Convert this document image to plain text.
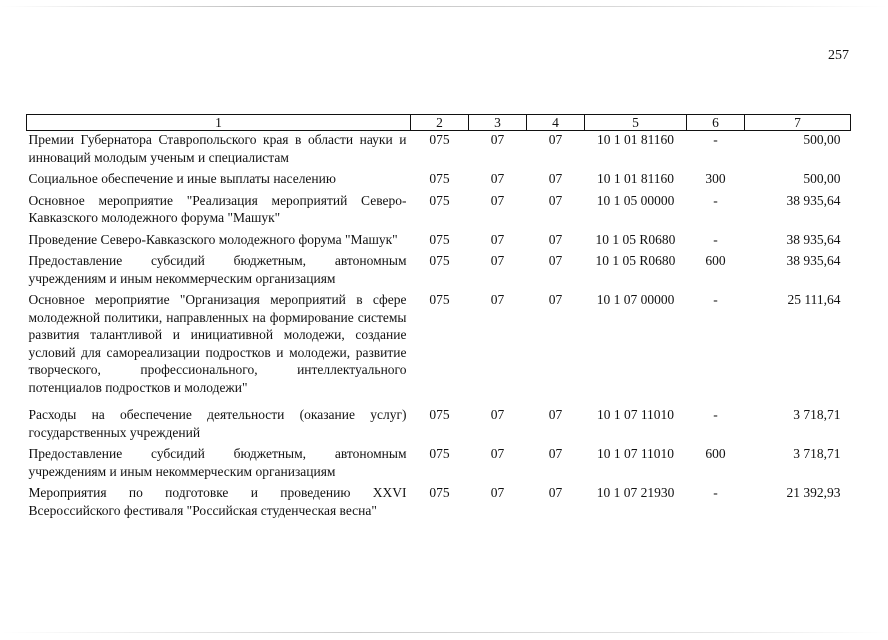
257
1	2	3	4	5	6	7
Премии Губернатора Ставропольского края в области науки и инноваций молодым ученым и специалистам	075	07	07	10 1 01 81160	-	500,00
Социальное обеспечение и иные выплаты населению	075	07	07	10 1 01 81160	300	500,00
Основное мероприятие "Реализация мероприятий Северо-Кавказского молодежного форума "Машук"	075	07	07	10 1 05 00000	-	38 935,64
Проведение Северо-Кавказского молодежного форума "Машук"	075	07	07	10 1 05 R0680	-	38 935,64
Предоставление субсидий бюджетным, автономным учреждениям и иным некоммерческим организациям	075	07	07	10 1 05 R0680	600	38 935,64
Основное мероприятие "Организация мероприятий в сфере молодежной политики, направленных на формирование системы развития талантливой и инициативной молодежи, создание условий для самореализации подростков и молодежи, развитие творческого, профессионального, интеллектуального потенциалов подростков и молодежи"	075	07	07	10 1 07 00000	-	25 111,64
Расходы на обеспечение деятельности (оказание услуг) государственных учреждений	075	07	07	10 1 07 11010	-	3 718,71
Предоставление субсидий бюджетным, автономным учреждениям и иным некоммерческим организациям	075	07	07	10 1 07 11010	600	3 718,71
Мероприятия по подготовке и проведению XXVI Всероссийского фестиваля "Российская студенческая весна"	075	07	07	10 1 07 21930	-	21 392,93
